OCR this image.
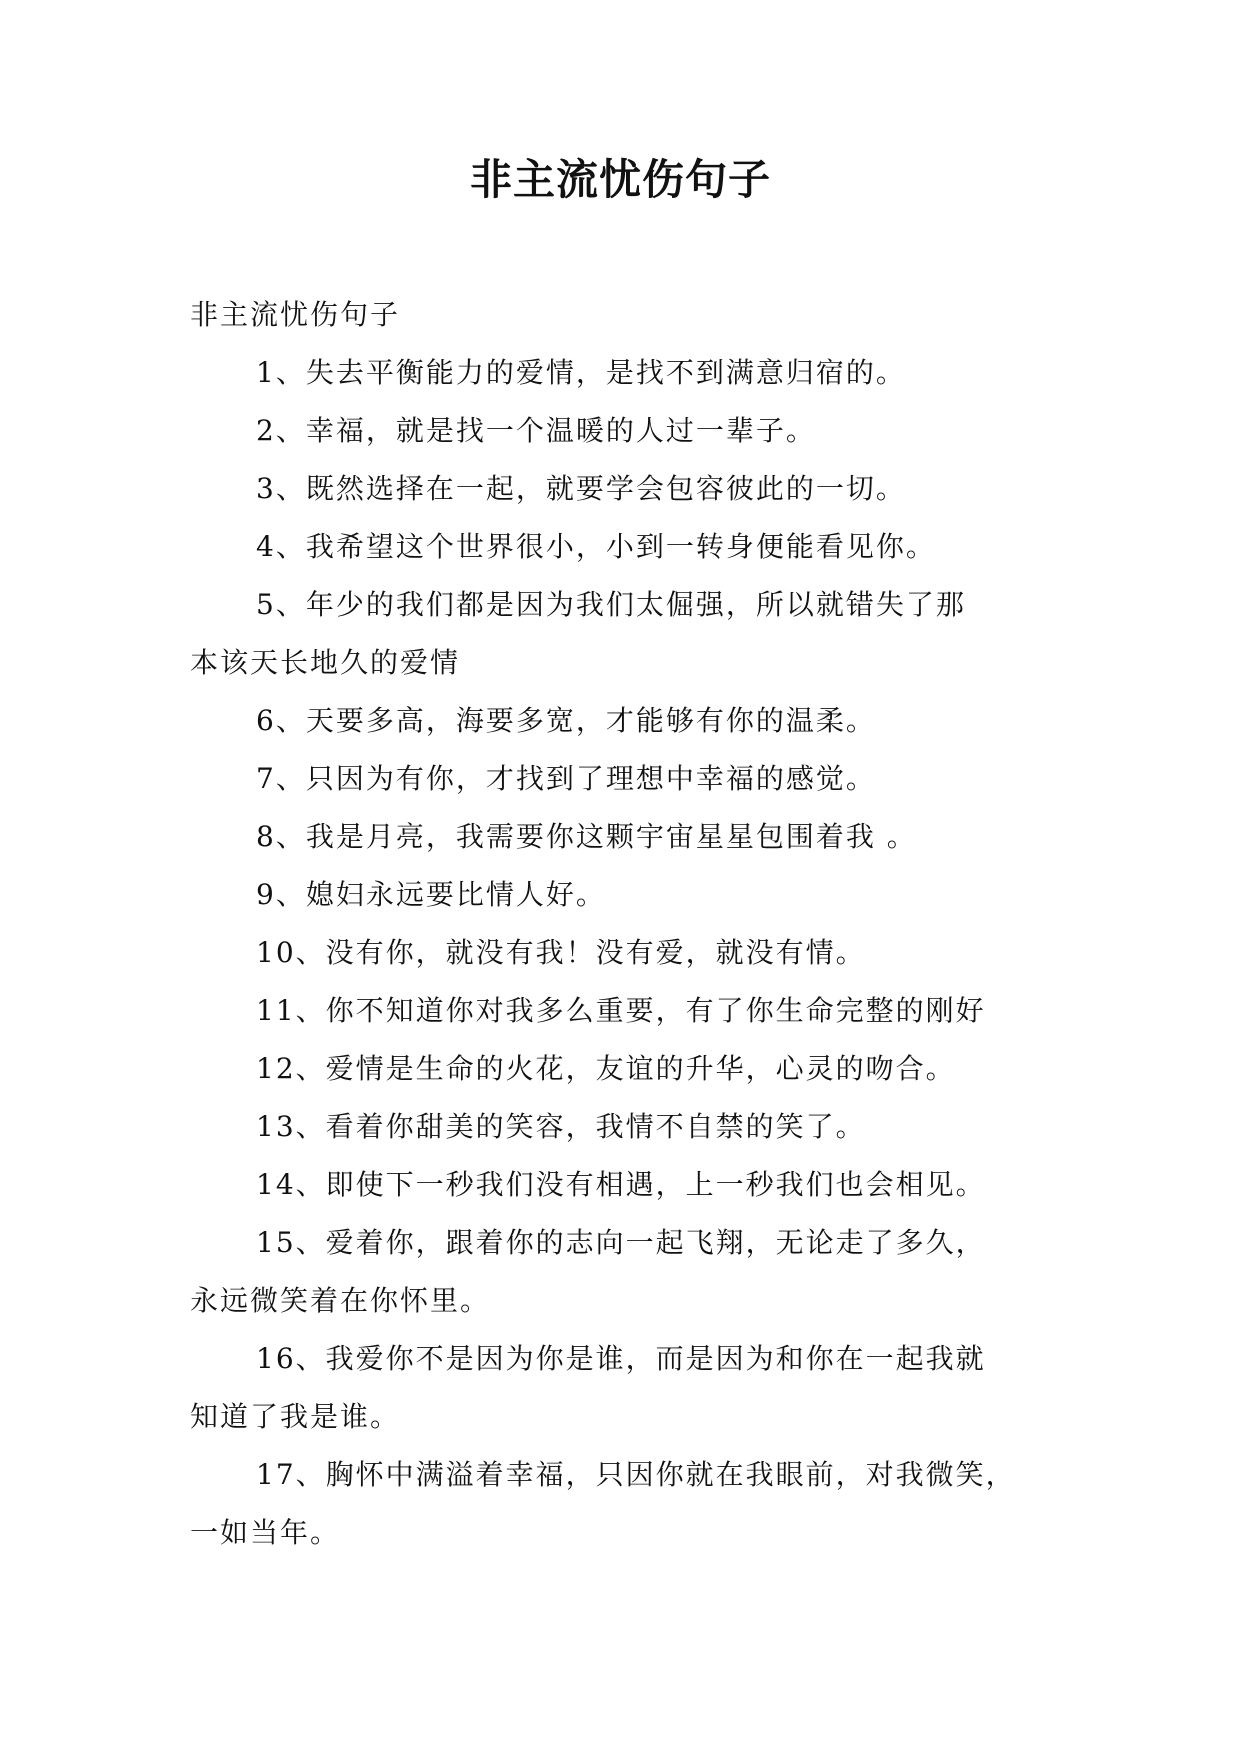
非主流忧伤句子

非主流忧伤句子

1、失去平衡能力的爱情，是找不到满意归宿的。

2、幸福，就是找一个温暖的人过一辈子。

3、既然选择在一起，就要学会包容彼此的一切。

4、我希望这个世界很小，小到一转身便能看见你。

5、年少的我们都是因为我们太倔强，所以就错失了那

本该天长地久的爱情

6、天要多高，海要多宽，才能够有你的温柔。

7、只因为有你，才找到了理想中幸福的感觉。

8、我是月亮，我需要你这颗宇宙星星包围着我 。

9、媳妇永远要比情人好。

10、没有你，就没有我！没有爱，就没有情。

11、你不知道你对我多么重要，有了你生命完整的刚好

12、爱情是生命的火花，友谊的升华，心灵的吻合。

13、看着你甜美的笑容，我情不自禁的笑了。

14、即使下一秒我们没有相遇，上一秒我们也会相见。

15、爱着你，跟着你的志向一起飞翔，无论走了多久，

永远微笑着在你怀里。

16、我爱你不是因为你是谁，而是因为和你在一起我就

知道了我是谁。

17、胸怀中满溢着幸福，只因你就在我眼前，对我微笑，

一如当年。
